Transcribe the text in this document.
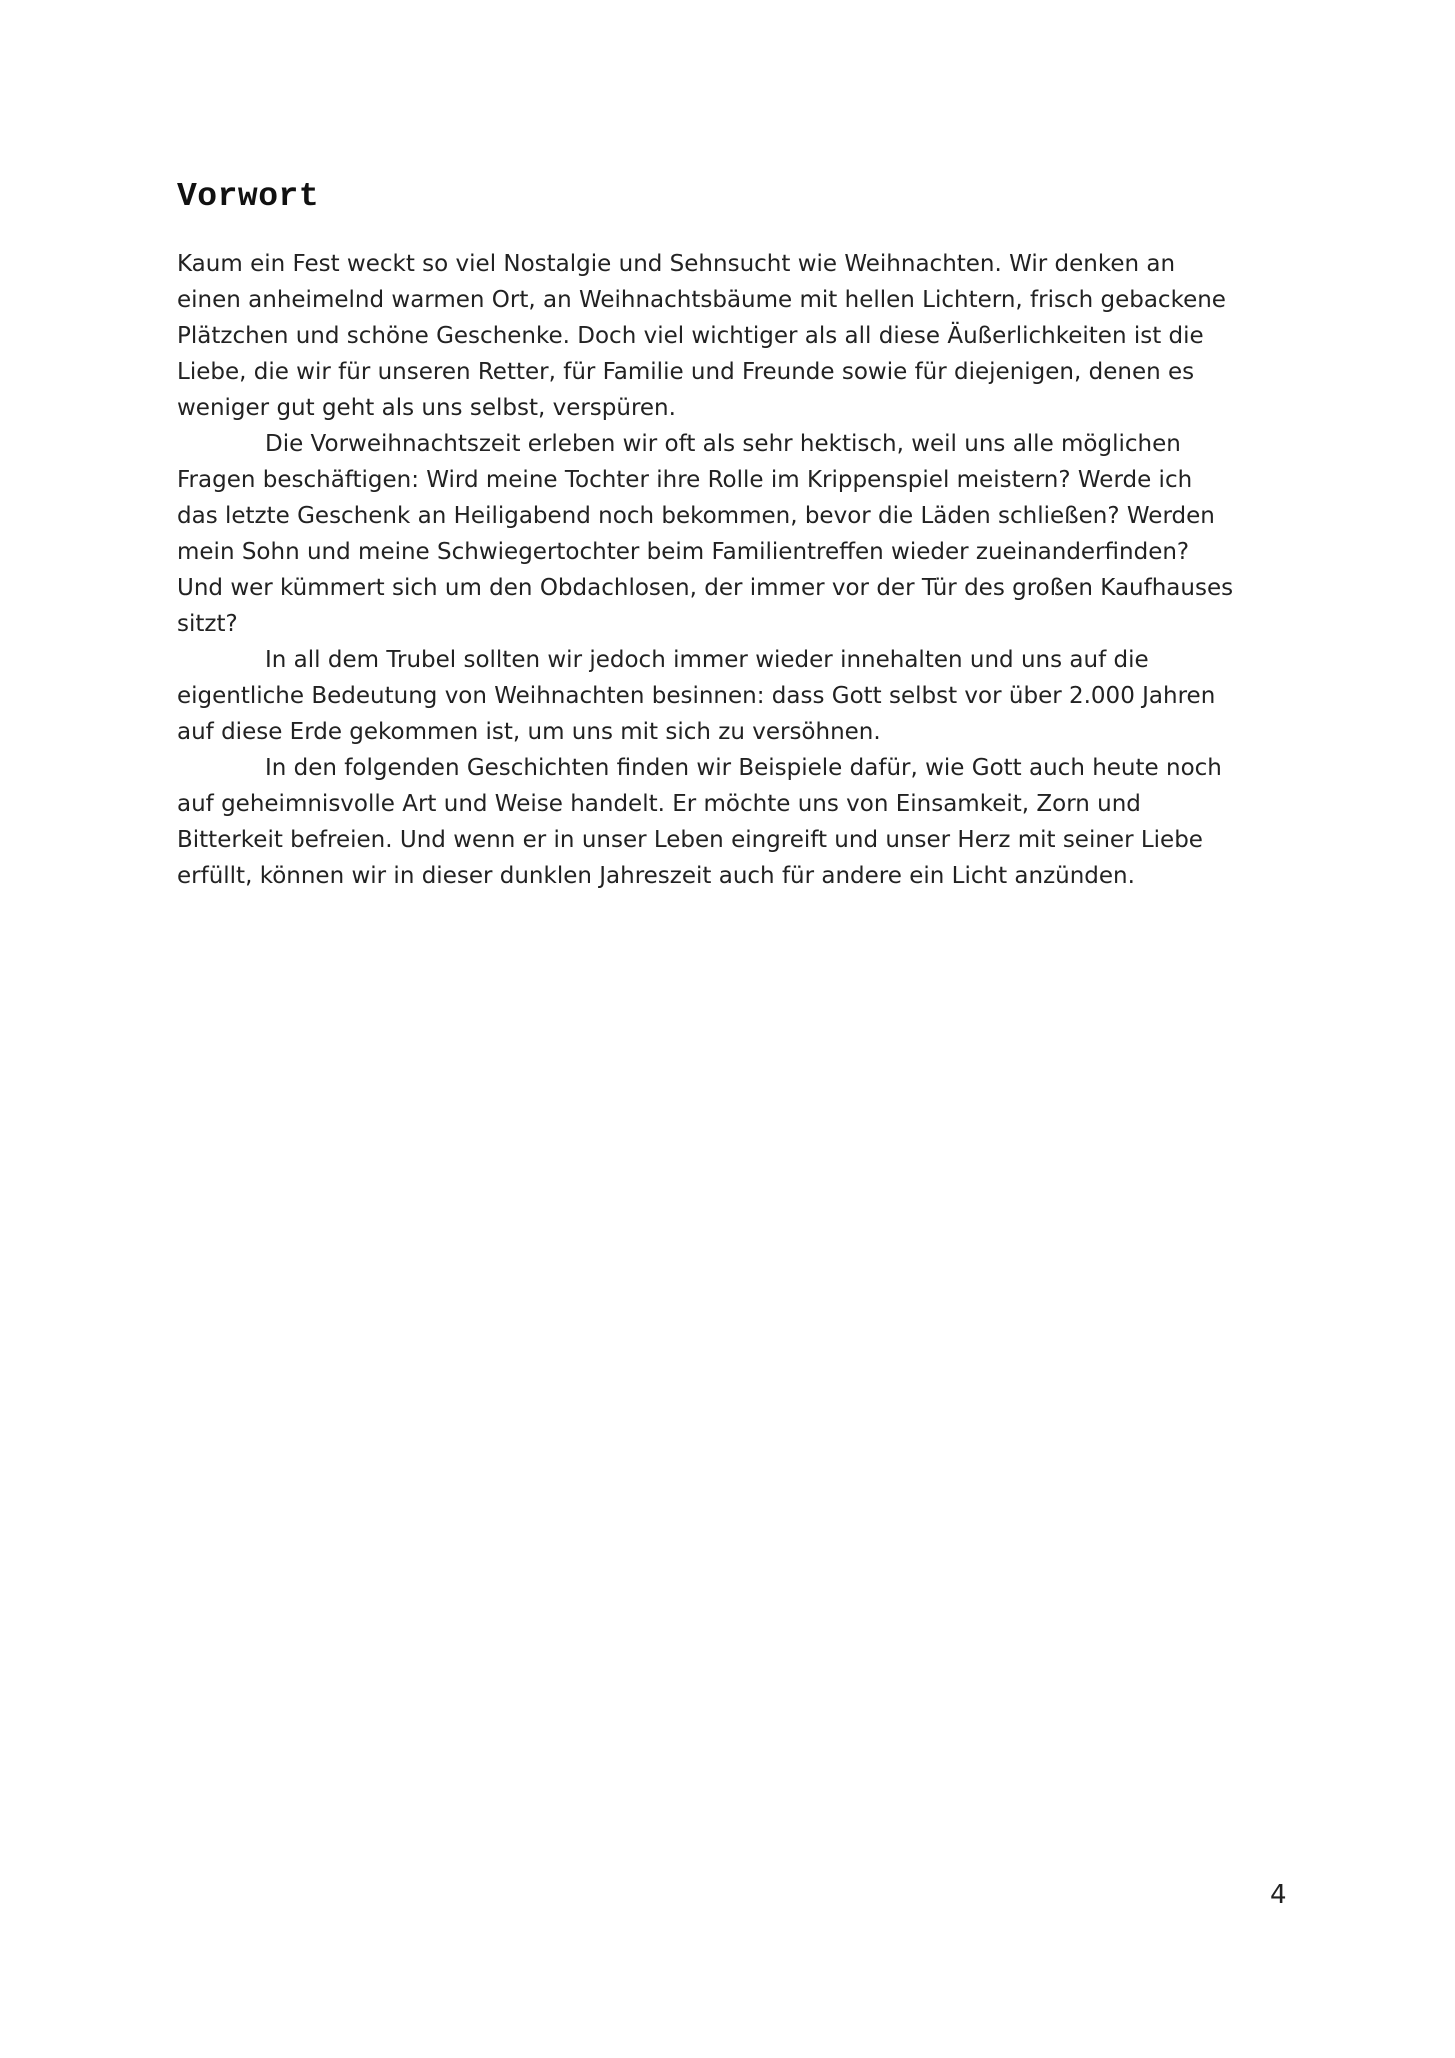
Vorwort

Kaum ein Fest weckt so viel Nostalgie und Sehnsucht wie Weihnachten. Wir denken an
einen anheimelnd warmen Ort, an Weihnachtsbäume mit hellen Lichtern, frisch gebackene
Plätzchen und schöne Geschenke. Doch viel wichtiger als all diese Äußerlichkeiten ist die
Liebe, die wir für unseren Retter, für Familie und Freunde sowie für diejenigen, denen es
weniger gut geht als uns selbst, verspüren.

Die Vorweihnachtszeit erleben wir oft als sehr hektisch, weil uns alle möglichen
Fragen beschäftigen: Wird meine Tochter ihre Rolle im Krippenspiel meistern? Werde ich
das letzte Geschenk an Heiligabend noch bekommen, bevor die Läden schließen? Werden
mein Sohn und meine Schwiegertochter beim Familientreffen wieder zueinanderfinden?
Und wer kümmert sich um den Obdachlosen, der immer vor der Tür des großen Kaufhauses
sitzt?

In all dem Trubel sollten wir jedoch immer wieder innehalten und uns auf die
eigentliche Bedeutung von Weihnachten besinnen: dass Gott selbst vor über 2.000 Jahren
auf diese Erde gekommen ist, um uns mit sich zu versöhnen.

In den folgenden Geschichten finden wir Beispiele dafür, wie Gott auch heute noch
auf geheimnisvolle Art und Weise handelt. Er möchte uns von Einsamkeit, Zorn und
Bitterkeit befreien. Und wenn er in unser Leben eingreift und unser Herz mit seiner Liebe
erfüllt, können wir in dieser dunklen Jahreszeit auch für andere ein Licht anzünden.

4
